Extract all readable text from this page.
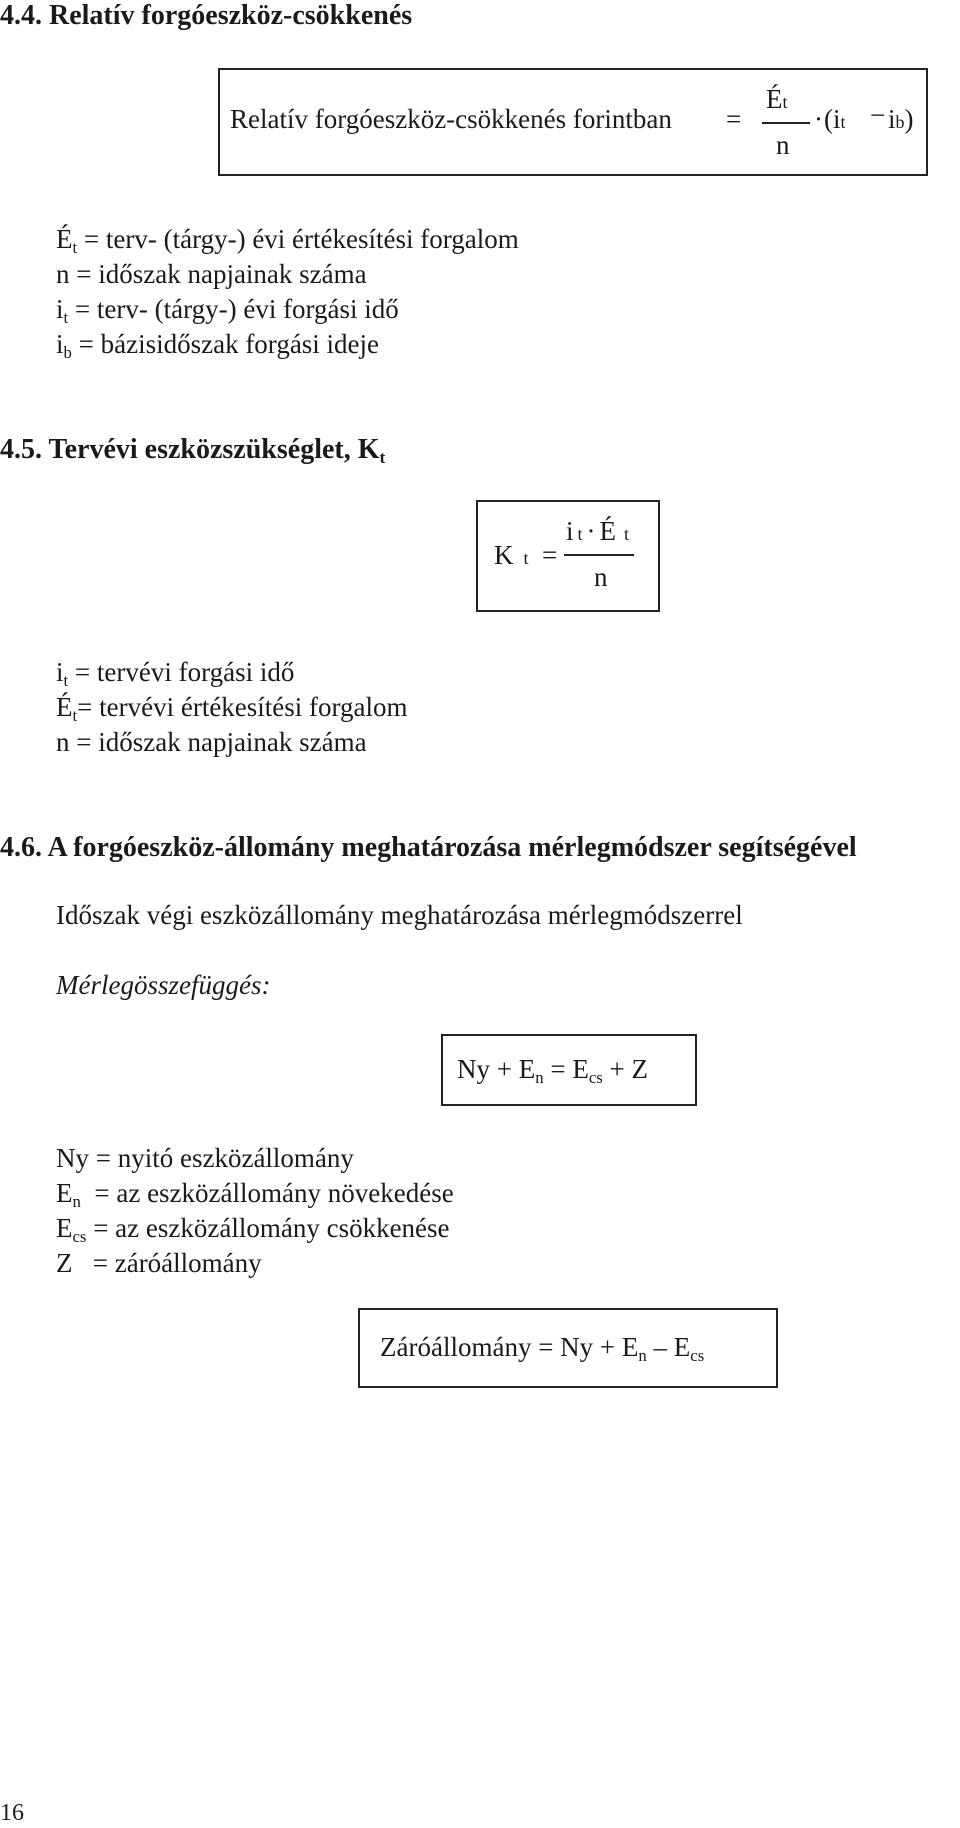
4.4. Relatív forgóeszköz-csökkenés
Relatív forgóeszköz-csökkenés forintban =
Ét
n
· (it − ib)
$É_t$ = terv- (tárgy-) évi értékesítési forgalom
n = időszak napjainak száma
$i_t$ = terv- (tárgy-) évi forgási idő
$i_b$ = bázisidőszak forgási ideje
4.5. Tervévi eszközszükséglet, $K_t$
Kt =
it · É t
n
$i_t$ = tervévi forgási idő
$É_t=$ tervévi értékesítési forgalom
n = időszak napjainak száma
4.6. A forgóeszköz-állomány meghatározása mérlegmódszer segítségével
Időszak végi eszközállomány meghatározása mérlegmódszerrel
Mérlegösszefüggés:
$Ny + E_n = E_{cs} + Z$
Ny = nyitó eszközállomány
$E_n$  = az eszközállomány növekedése
$E_{cs}$ = az eszközállomány csökkenése
Z   = záróállomány
Záróállomány = $Ny + E_n - E_{cs}$
16
